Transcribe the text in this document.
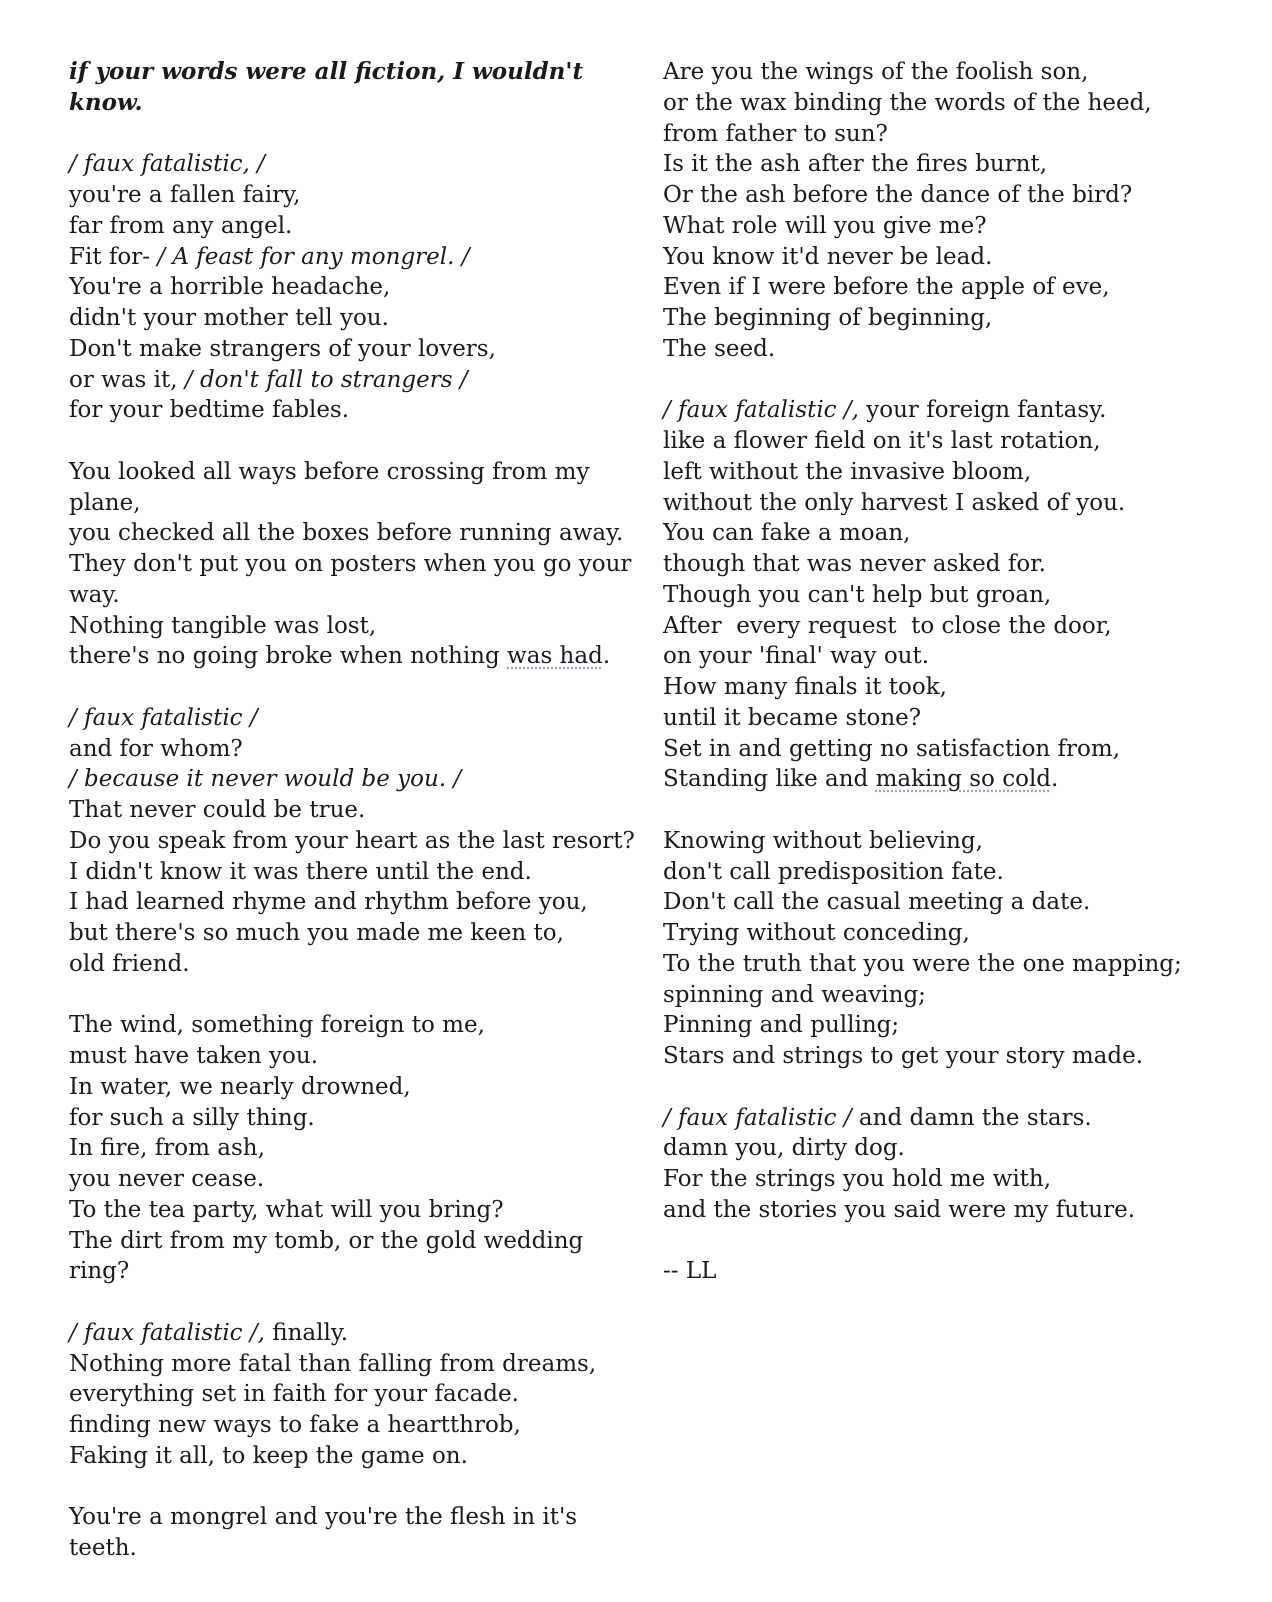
if your words were all fiction, I wouldn't
know.
/ faux fatalistic, /
you're a fallen fairy,
far from any angel.
Fit for- / A feast for any mongrel. /
You're a horrible headache,
didn't your mother tell you.
Don't make strangers of your lovers,
or was it, / don't fall to strangers /
for your bedtime fables.
You looked all ways before crossing from my
plane,
you checked all the boxes before running away.
They don't put you on posters when you go your
way.
Nothing tangible was lost,
there's no going broke when nothing was had.
/ faux fatalistic /
and for whom?
/ because it never would be you. /
That never could be true.
Do you speak from your heart as the last resort?
I didn't know it was there until the end.
I had learned rhyme and rhythm before you,
but there's so much you made me keen to,
old friend.
The wind, something foreign to me,
must have taken you.
In water, we nearly drowned,
for such a silly thing.
In fire, from ash,
you never cease.
To the tea party, what will you bring?
The dirt from my tomb, or the gold wedding
ring?
/ faux fatalistic /, finally.
Nothing more fatal than falling from dreams,
everything set in faith for your facade.
finding new ways to fake a heartthrob,
Faking it all, to keep the game on.
You're a mongrel and you're the flesh in it's
teeth.
Are you the wings of the foolish son,
or the wax binding the words of the heed,
from father to sun?
Is it the ash after the fires burnt,
Or the ash before the dance of the bird?
What role will you give me?
You know it'd never be lead.
Even if I were before the apple of eve,
The beginning of beginning,
The seed.
/ faux fatalistic /, your foreign fantasy.
like a flower field on it's last rotation,
left without the invasive bloom,
without the only harvest I asked of you.
You can fake a moan,
though that was never asked for.
Though you can't help but groan,
After  every request  to close the door,
on your 'final' way out.
How many finals it took,
until it became stone?
Set in and getting no satisfaction from,
Standing like and making so cold.
Knowing without believing,
don't call predisposition fate.
Don't call the casual meeting a date.
Trying without conceding,
To the truth that you were the one mapping;
spinning and weaving;
Pinning and pulling;
Stars and strings to get your story made.
/ faux fatalistic / and damn the stars.
damn you, dirty dog.
For the strings you hold me with,
and the stories you said were my future.
-- LL
